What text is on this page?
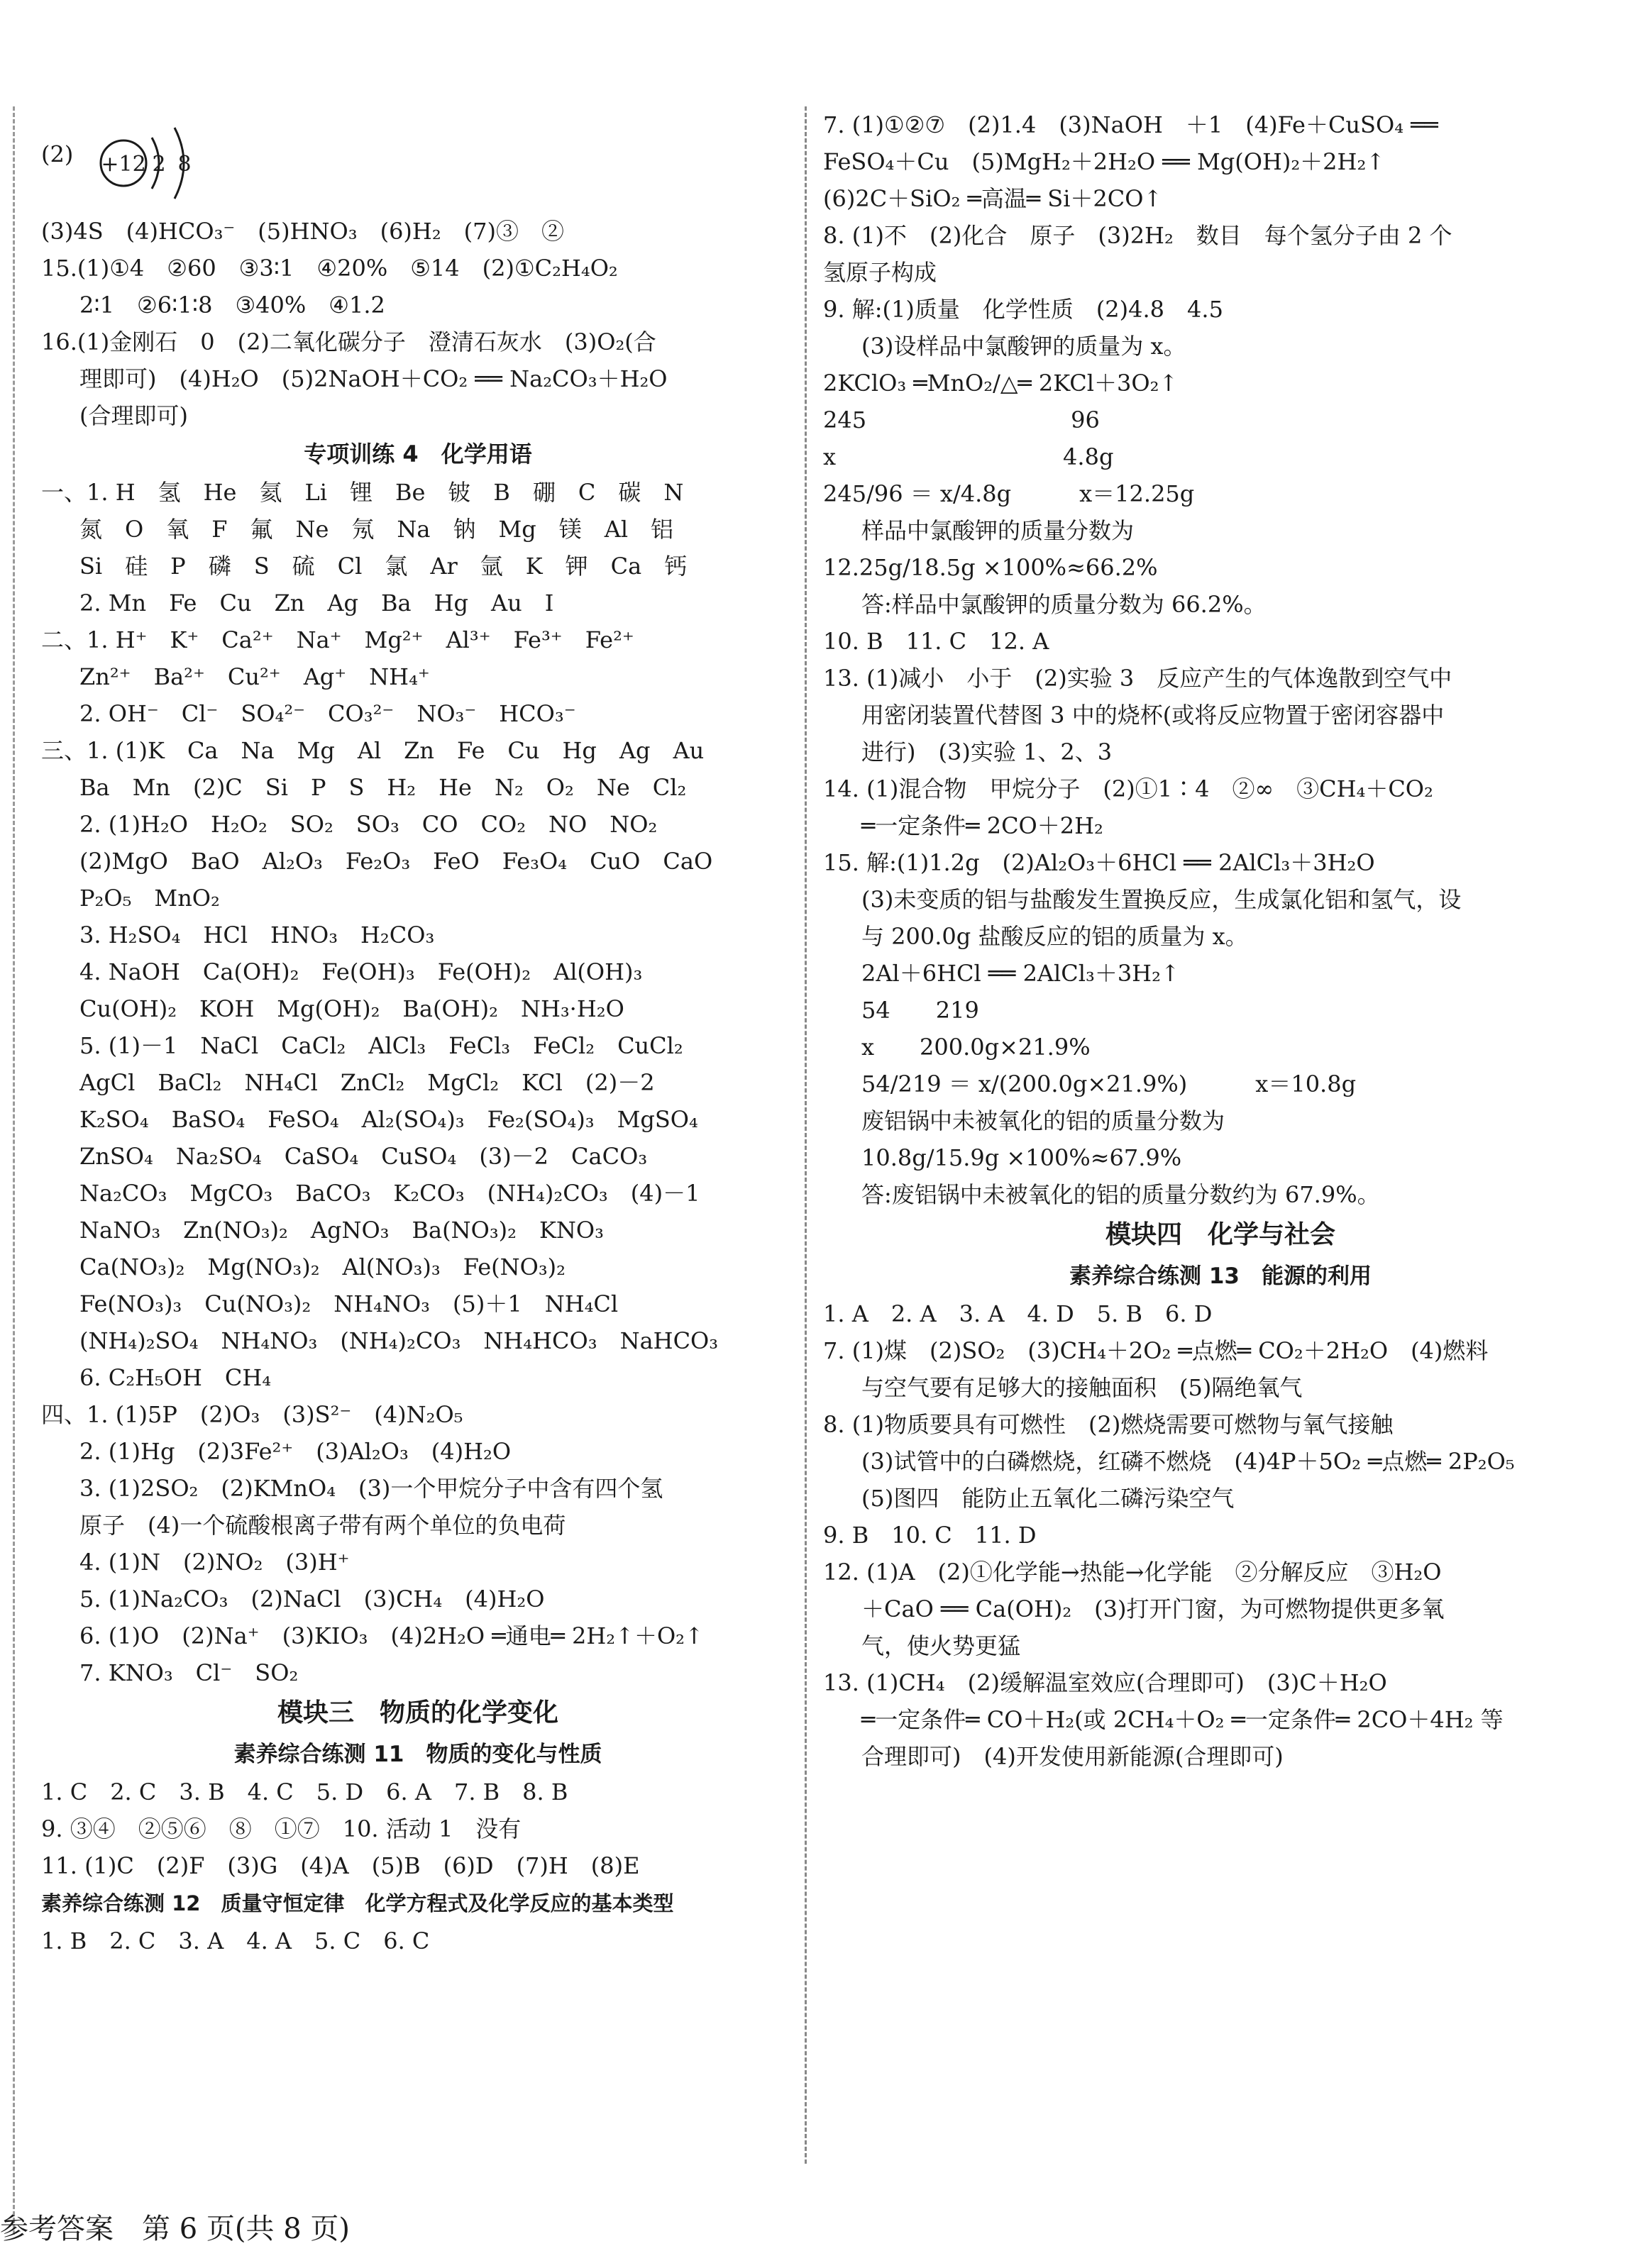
(2) +12 2 8
(3)4S　(4)HCO₃⁻　(5)HNO₃　(6)H₂　(7)③　②
15.(1)①4　②60　③3∶1　④20%　⑤14　(2)①C₂H₄O₂
2∶1　②6∶1∶8　③40%　④1.2
16.(1)金刚石　0　(2)二氧化碳分子　澄清石灰水　(3)O₂(合
理即可)　(4)H₂O　(5)2NaOH＋CO₂ ══ Na₂CO₃＋H₂O
(合理即可)
专项训练 4　化学用语
一、1. H　氢　He　氦　Li　锂　Be　铍　B　硼　C　碳　N
氮　O　氧　F　氟　Ne　氖　Na　钠　Mg　镁　Al　铝
Si　硅　P　磷　S　硫　Cl　氯　Ar　氩　K　钾　Ca　钙
2. Mn　Fe　Cu　Zn　Ag　Ba　Hg　Au　I
二、1. H⁺　K⁺　Ca²⁺　Na⁺　Mg²⁺　Al³⁺　Fe³⁺　Fe²⁺
Zn²⁺　Ba²⁺　Cu²⁺　Ag⁺　NH₄⁺
2. OH⁻　Cl⁻　SO₄²⁻　CO₃²⁻　NO₃⁻　HCO₃⁻
三、1. (1)K　Ca　Na　Mg　Al　Zn　Fe　Cu　Hg　Ag　Au
Ba　Mn　(2)C　Si　P　S　H₂　He　N₂　O₂　Ne　Cl₂
2. (1)H₂O　H₂O₂　SO₂　SO₃　CO　CO₂　NO　NO₂
(2)MgO　BaO　Al₂O₃　Fe₂O₃　FeO　Fe₃O₄　CuO　CaO
P₂O₅　MnO₂
3. H₂SO₄　HCl　HNO₃　H₂CO₃
4. NaOH　Ca(OH)₂　Fe(OH)₃　Fe(OH)₂　Al(OH)₃
Cu(OH)₂　KOH　Mg(OH)₂　Ba(OH)₂　NH₃·H₂O
5. (1)－1　NaCl　CaCl₂　AlCl₃　FeCl₃　FeCl₂　CuCl₂
AgCl　BaCl₂　NH₄Cl　ZnCl₂　MgCl₂　KCl　(2)－2
K₂SO₄　BaSO₄　FeSO₄　Al₂(SO₄)₃　Fe₂(SO₄)₃　MgSO₄
ZnSO₄　Na₂SO₄　CaSO₄　CuSO₄　(3)－2　CaCO₃
Na₂CO₃　MgCO₃　BaCO₃　K₂CO₃　(NH₄)₂CO₃　(4)－1
NaNO₃　Zn(NO₃)₂　AgNO₃　Ba(NO₃)₂　KNO₃
Ca(NO₃)₂　Mg(NO₃)₂　Al(NO₃)₃　Fe(NO₃)₂
Fe(NO₃)₃　Cu(NO₃)₂　NH₄NO₃　(5)＋1　NH₄Cl
(NH₄)₂SO₄　NH₄NO₃　(NH₄)₂CO₃　NH₄HCO₃　NaHCO₃
6. C₂H₅OH　CH₄
四、1. (1)5P　(2)O₃　(3)S²⁻　(4)N₂O₅
2. (1)Hg　(2)3Fe²⁺　(3)Al₂O₃　(4)H₂O
3. (1)2SO₂　(2)KMnO₄　(3)一个甲烷分子中含有四个氢
原子　(4)一个硫酸根离子带有两个单位的负电荷
4. (1)N　(2)NO₂　(3)H⁺
5. (1)Na₂CO₃　(2)NaCl　(3)CH₄　(4)H₂O
6. (1)O　(2)Na⁺　(3)KIO₃　(4)2H₂O ═通电═ 2H₂↑＋O₂↑
7. KNO₃　Cl⁻　SO₂
模块三　物质的化学变化
素养综合练测 11　物质的变化与性质
1. C　2. C　3. B　4. C　5. D　6. A　7. B　8. B
9. ③④　②⑤⑥　⑧　①⑦　10. 活动 1　没有
11. (1)C　(2)F　(3)G　(4)A　(5)B　(6)D　(7)H　(8)E
素养综合练测 12　质量守恒定律　化学方程式及化学反应的基本类型
1. B　2. C　3. A　4. A　5. C　6. C
7. (1)①②⑦　(2)1.4　(3)NaOH　＋1　(4)Fe＋CuSO₄ ══
FeSO₄＋Cu　(5)MgH₂＋2H₂O ══ Mg(OH)₂＋2H₂↑
(6)2C＋SiO₂ ═高温═ Si＋2CO↑
8. (1)不　(2)化合　原子　(3)2H₂　数目　每个氢分子由 2 个
氢原子构成
9. 解:(1)质量　化学性质　(2)4.8　4.5
(3)设样品中氯酸钾的质量为 x。
2KClO₃ ═MnO₂/△═ 2KCl＋3O₂↑
245　　　　　　　　　96
x　　　　　　　　　　4.8g
245/96 ＝ x/4.8g　　　x＝12.25g
样品中氯酸钾的质量分数为
12.25g/18.5g ×100%≈66.2%
答:样品中氯酸钾的质量分数为 66.2%。
10. B　11. C　12. A
13. (1)减小　小于　(2)实验 3　反应产生的气体逸散到空气中
用密闭装置代替图 3 中的烧杯(或将反应物置于密闭容器中
进行)　(3)实验 1、2、3
14. (1)混合物　甲烷分子　(2)①1∶4　②∞　③CH₄＋CO₂
═一定条件═ 2CO＋2H₂
15. 解:(1)1.2g　(2)Al₂O₃＋6HCl ══ 2AlCl₃＋3H₂O
(3)未变质的铝与盐酸发生置换反应，生成氯化铝和氢气，设
与 200.0g 盐酸反应的铝的质量为 x。
2Al＋6HCl ══ 2AlCl₃＋3H₂↑
54　　219
x　　200.0g×21.9%
54/219 ＝ x/(200.0g×21.9%)　　　x＝10.8g
废铝锅中未被氧化的铝的质量分数为
10.8g/15.9g ×100%≈67.9%
答:废铝锅中未被氧化的铝的质量分数约为 67.9%。
模块四　化学与社会
素养综合练测 13　能源的利用
1. A　2. A　3. A　4. D　5. B　6. D
7. (1)煤　(2)SO₂　(3)CH₄＋2O₂ ═点燃═ CO₂＋2H₂O　(4)燃料
与空气要有足够大的接触面积　(5)隔绝氧气
8. (1)物质要具有可燃性　(2)燃烧需要可燃物与氧气接触
(3)试管中的白磷燃烧，红磷不燃烧　(4)4P＋5O₂ ═点燃═ 2P₂O₅
(5)图四　能防止五氧化二磷污染空气
9. B　10. C　11. D
12. (1)A　(2)①化学能→热能→化学能　②分解反应　③H₂O
＋CaO ══ Ca(OH)₂　(3)打开门窗，为可燃物提供更多氧
气，使火势更猛
13. (1)CH₄　(2)缓解温室效应(合理即可)　(3)C＋H₂O
═一定条件═ CO＋H₂(或 2CH₄＋O₂ ═一定条件═ 2CO＋4H₂ 等
合理即可)　(4)开发使用新能源(合理即可)
参考答案　第 6 页(共 8 页)
